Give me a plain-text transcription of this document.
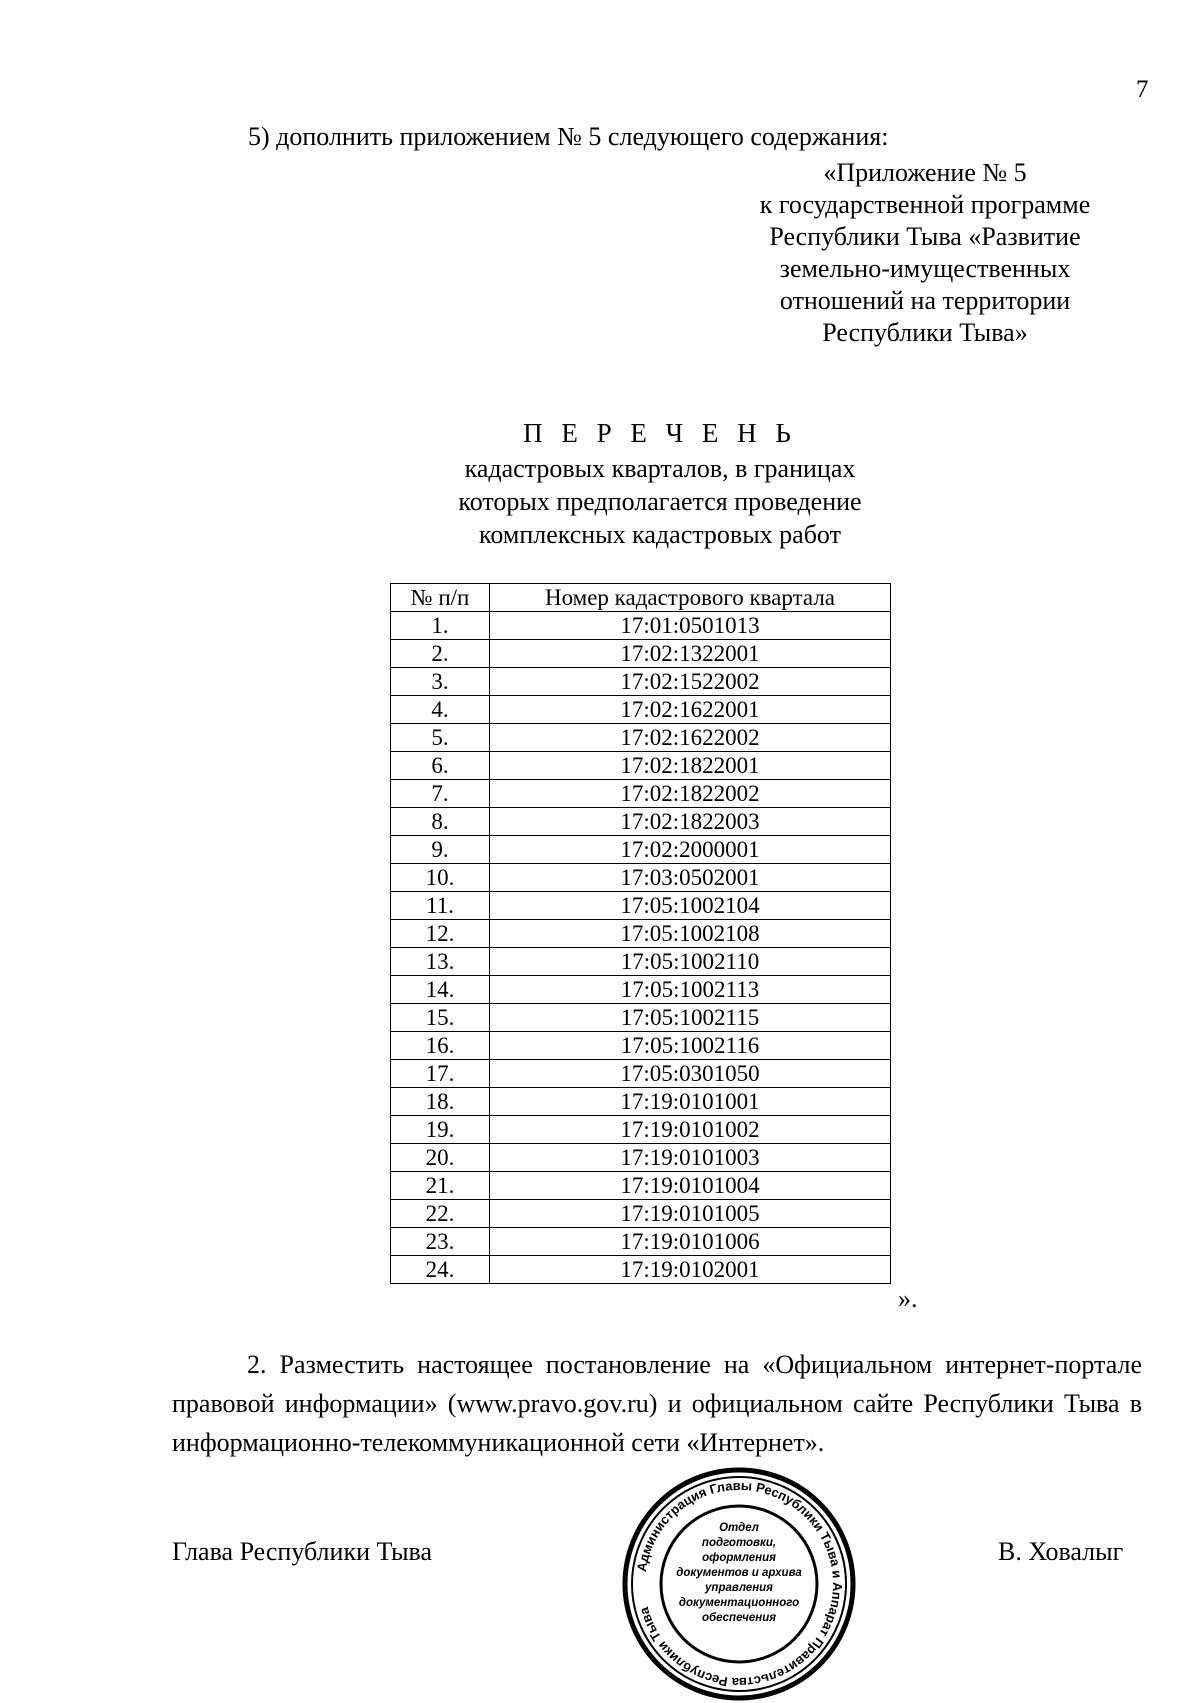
7
5) дополнить приложением № 5 следующего содержания:
«Приложение № 5
к государственной программе
Республики Тыва «Развитие
земельно-имущественных
отношений на территории
Республики Тыва»
П Е Р Е Ч Е Н Ь
кадастровых кварталов, в границах
которых предполагается проведение
комплексных кадастровых работ
№ п/п	Номер кадастрового квартала
1.	17:01:0501013
2.	17:02:1322001
3.	17:02:1522002
4.	17:02:1622001
5.	17:02:1622002
6.	17:02:1822001
7.	17:02:1822002
8.	17:02:1822003
9.	17:02:2000001
10.	17:03:0502001
11.	17:05:1002104
12.	17:05:1002108
13.	17:05:1002110
14.	17:05:1002113
15.	17:05:1002115
16.	17:05:1002116
17.	17:05:0301050
18.	17:19:0101001
19.	17:19:0101002
20.	17:19:0101003
21.	17:19:0101004
22.	17:19:0101005
23.	17:19:0101006
24.	17:19:0102001
».

2. Разместить настоящее постановление на «Официальном интернет-портале правовой информации» (www.pravo.gov.ru) и официальном сайте Республики Тыва в информационно-телекоммуникационной сети «Интернет».

Глава Республики Тыва	В. Ховалыг
Администрация Главы Республики Тыва и Аппарат Правительства Республики Тыва
Отдел
подготовки,
оформления
документов и архива
управления
документационного
обеспечения
